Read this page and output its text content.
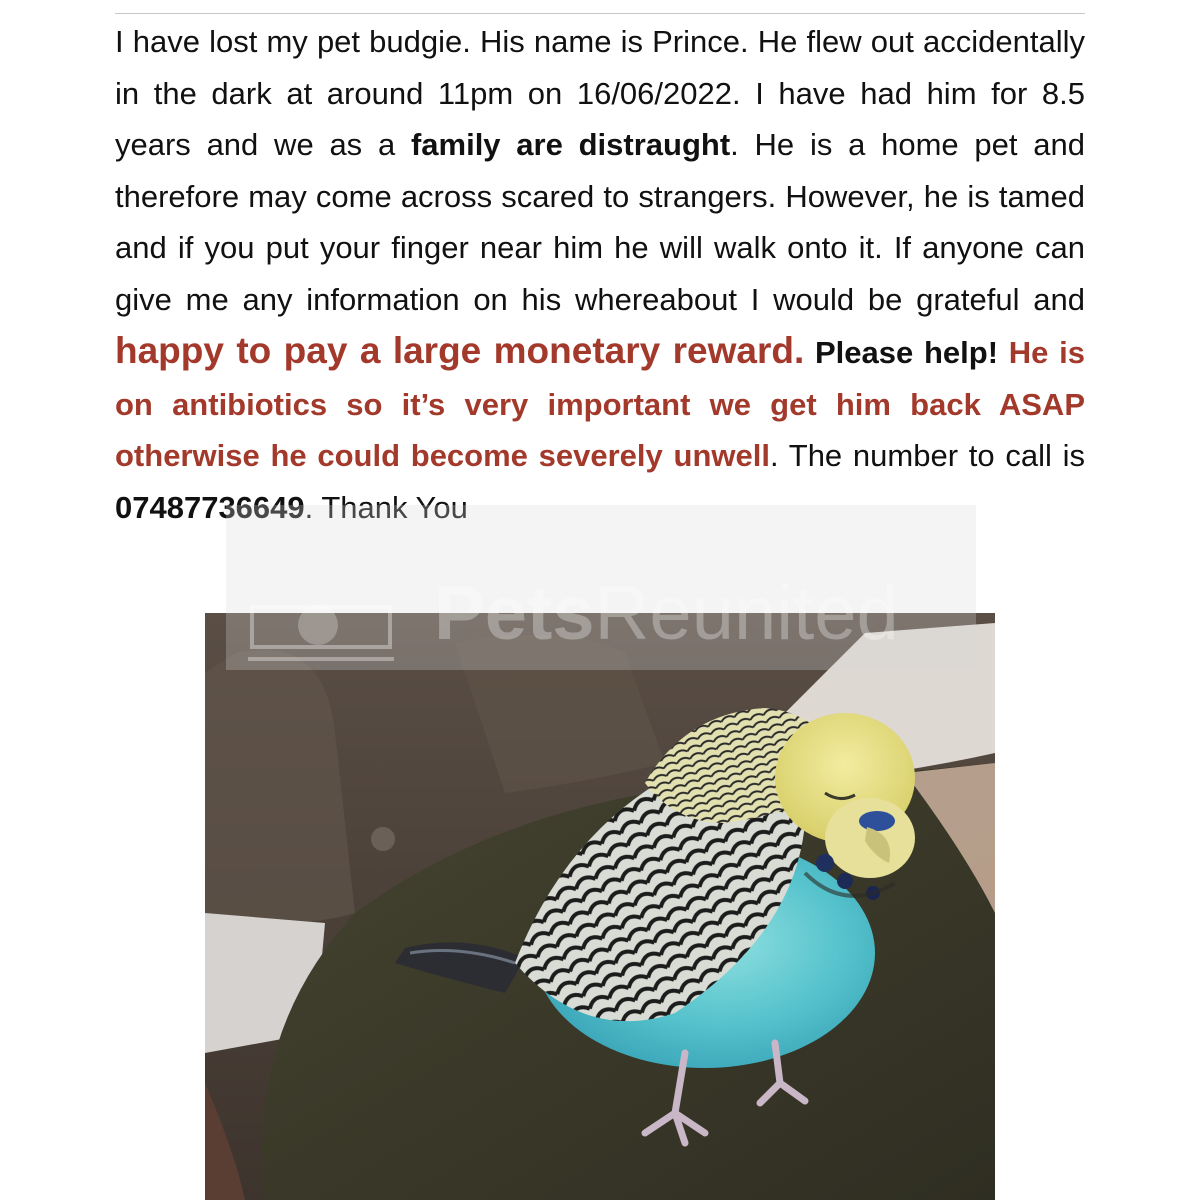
I have lost my pet budgie. His name is Prince. He flew out accidentally in the dark at around 11pm on 16/06/2022. I have had him for 8.5 years and we as a family are distraught. He is a home pet and therefore may come across scared to strangers. However, he is tamed and if you put your finger near him he will walk onto it. If anyone can give me any information on his whereabout I would be grateful and happy to pay a large monetary reward. Please help! He is on antibiotics so it’s very important we get him back ASAP otherwise he could become severely unwell. The number to call is 07487736649. Thank You

PetsReunited
